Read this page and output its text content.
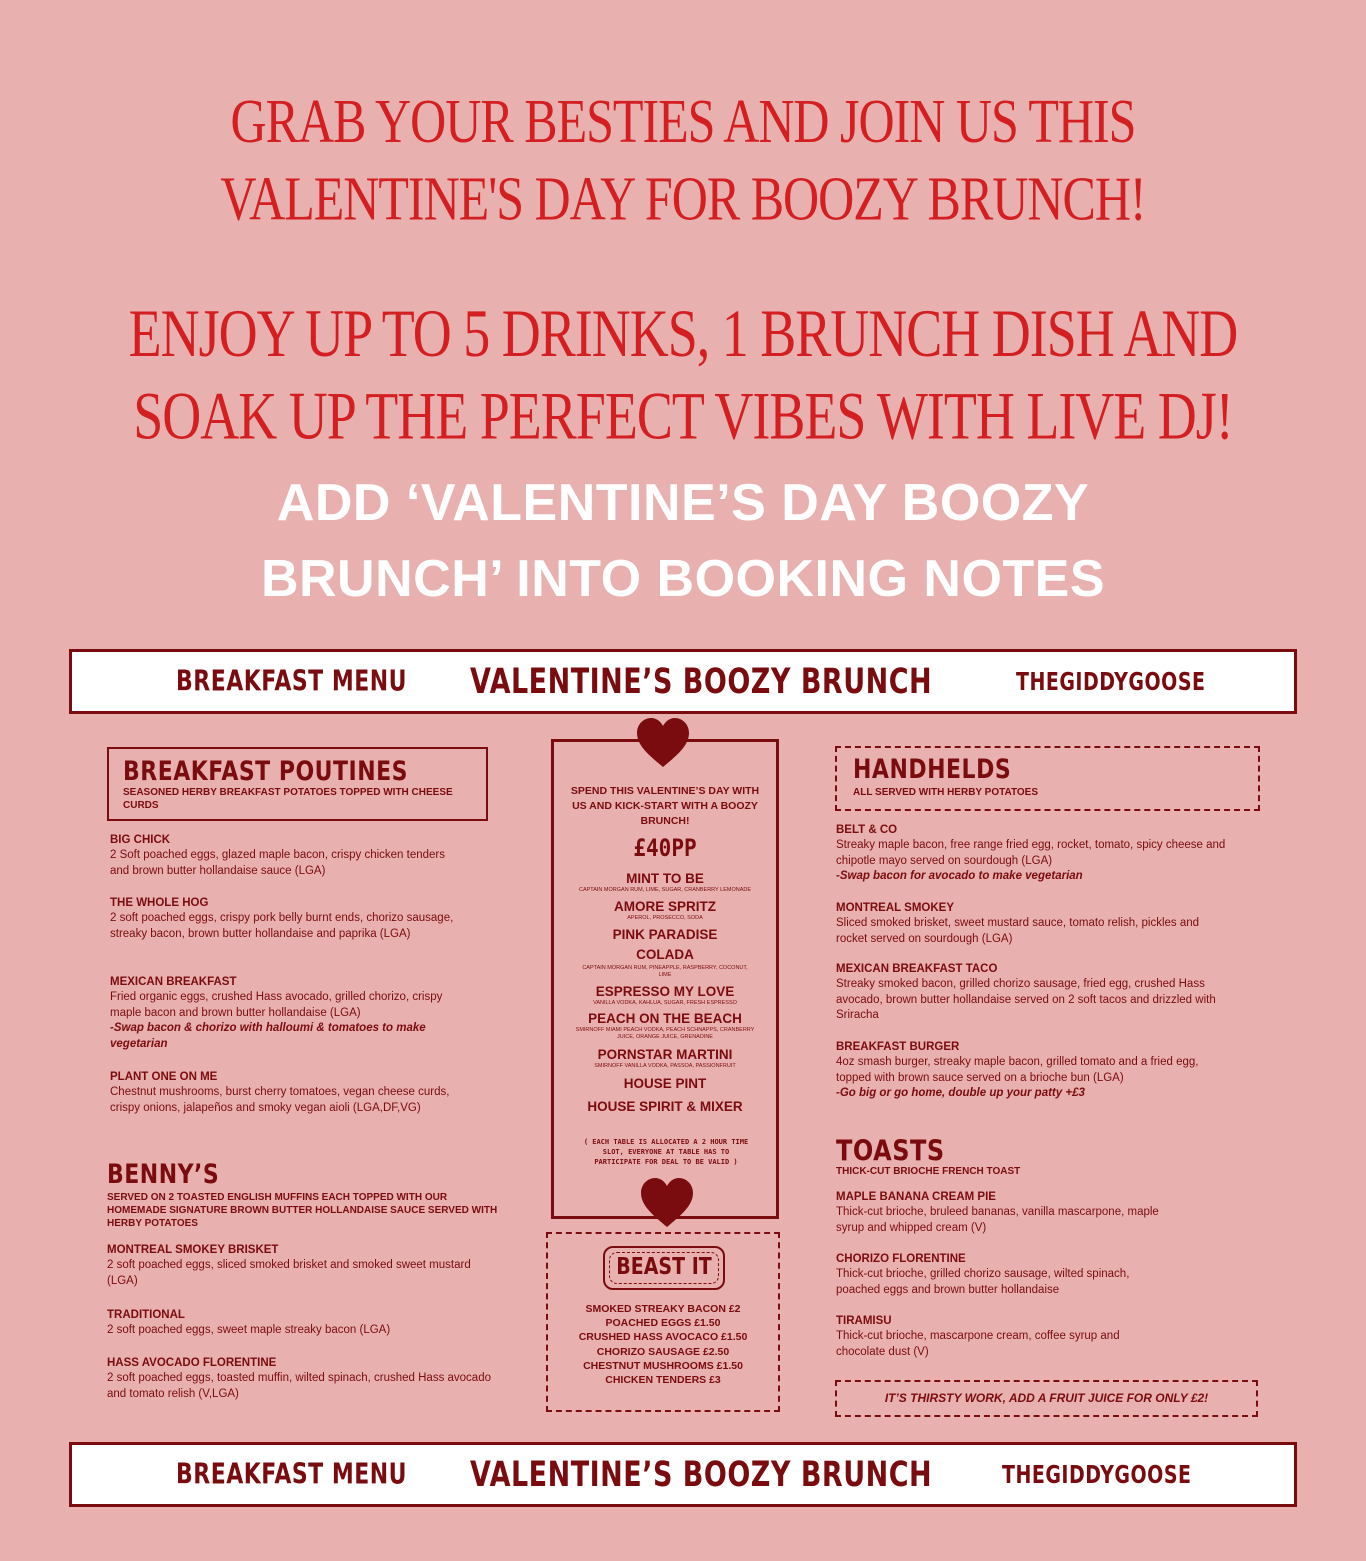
GRAB YOUR BESTIES AND JOIN US THIS
VALENTINE'S DAY FOR BOOZY BRUNCH!
ENJOY UP TO 5 DRINKS, 1 BRUNCH DISH AND
SOAK UP THE PERFECT VIBES WITH LIVE DJ!
ADD ‘VALENTINE’S DAY BOOZY
BRUNCH’ INTO BOOKING NOTES
BREAKFAST MENU VALENTINE’S BOOZY BRUNCH	THEGIDDYGOOSE
BREAKFAST POUTINES
SEASONED HERBY BREAKFAST POTATOES TOPPED WITH CHEESE CURDS
BIG CHICK
2 Soft poached eggs, glazed maple bacon, crispy chicken tenders and brown butter hollandaise sauce (LGA)
THE WHOLE HOG
2 soft poached eggs, crispy pork belly burnt ends, chorizo sausage, streaky bacon, brown butter hollandaise and paprika (LGA)
MEXICAN BREAKFAST
Fried organic eggs, crushed Hass avocado, grilled chorizo, crispy maple bacon and brown butter hollandaise (LGA)
-Swap bacon & chorizo with halloumi & tomatoes to make vegetarian
PLANT ONE ON ME
Chestnut mushrooms, burst cherry tomatoes, vegan cheese curds, crispy onions, jalapeños and smoky vegan aioli (LGA,DF,VG)
BENNY’S
SERVED ON 2 TOASTED ENGLISH MUFFINS EACH TOPPED WITH OUR HOMEMADE SIGNATURE BROWN BUTTER HOLLANDAISE SAUCE SERVED WITH HERBY POTATOES
MONTREAL SMOKEY BRISKET
2 soft poached eggs, sliced smoked brisket and smoked sweet mustard (LGA)
TRADITIONAL
2 soft poached eggs, sweet maple streaky bacon (LGA)
HASS AVOCADO FLORENTINE
2 soft poached eggs, toasted muffin, wilted spinach, crushed Hass avocado and tomato relish (V,LGA)
SPEND THIS VALENTINE’S DAY WITH US AND KICK-START WITH A BOOZY BRUNCH!
£40PP
MINT TO BE
CAPTAIN MORGAN RUM, LIME, SUGAR, CRANBERRY LEMONADE
AMORE SPRITZ
APEROL, PROSECCO, SODA
PINK PARADISE COLADA
CAPTAIN MORGAN RUM, PINEAPPLE, RASPBERRY, COCONUT, LIME
ESPRESSO MY LOVE
VANILLA VODKA, KAHLUA, SUGAR, FRESH ESPRESSO
PEACH ON THE BEACH
SMIRNOFF MIAMI PEACH VODKA, PEACH SCHNAPPS, CRANBERRY JUICE, ORANGE JUICE, GRENADINE
PORNSTAR MARTINI
SMIRNOFF VANILLA VODKA, PASSOA, PASSIONFRUIT
HOUSE PINT
HOUSE SPIRIT & MIXER
( EACH TABLE IS ALLOCATED A 2 HOUR TIME SLOT, EVERYONE AT TABLE HAS TO PARTICIPATE FOR DEAL TO BE VALID )
BEAST IT
SMOKED STREAKY BACON £2
POACHED EGGS £1.50
CRUSHED HASS AVOCACO £1.50
CHORIZO SAUSAGE £2.50
CHESTNUT MUSHROOMS £1.50
CHICKEN TENDERS £3
HANDHELDS
ALL SERVED WITH HERBY POTATOES
BELT & CO
Streaky maple bacon, free range fried egg, rocket, tomato, spicy cheese and chipotle mayo served on sourdough (LGA)
-Swap bacon for avocado to make vegetarian
MONTREAL SMOKEY
Sliced smoked brisket, sweet mustard sauce, tomato relish, pickles and rocket served on sourdough (LGA)
MEXICAN BREAKFAST TACO
Streaky smoked bacon, grilled chorizo sausage, fried egg, crushed Hass avocado, brown butter hollandaise served on 2 soft tacos and drizzled with Sriracha
BREAKFAST BURGER
4oz smash burger, streaky maple bacon, grilled tomato and a fried egg, topped with brown sauce served on a brioche bun (LGA)
-Go big or go home, double up your patty +£3
TOASTS
THICK-CUT BRIOCHE FRENCH TOAST
MAPLE BANANA CREAM PIE
Thick-cut brioche, bruleed bananas, vanilla mascarpone, maple syrup and whipped cream (V)
CHORIZO FLORENTINE
Thick-cut brioche, grilled chorizo sausage, wilted spinach, poached eggs and brown butter hollandaise
TIRAMISU
Thick-cut brioche, mascarpone cream, coffee syrup and chocolate dust (V)
IT’S THIRSTY WORK, ADD A FRUIT JUICE FOR ONLY £2!
BREAKFAST MENU VALENTINE’S BOOZY BRUNCH	THEGIDDYGOOSE
